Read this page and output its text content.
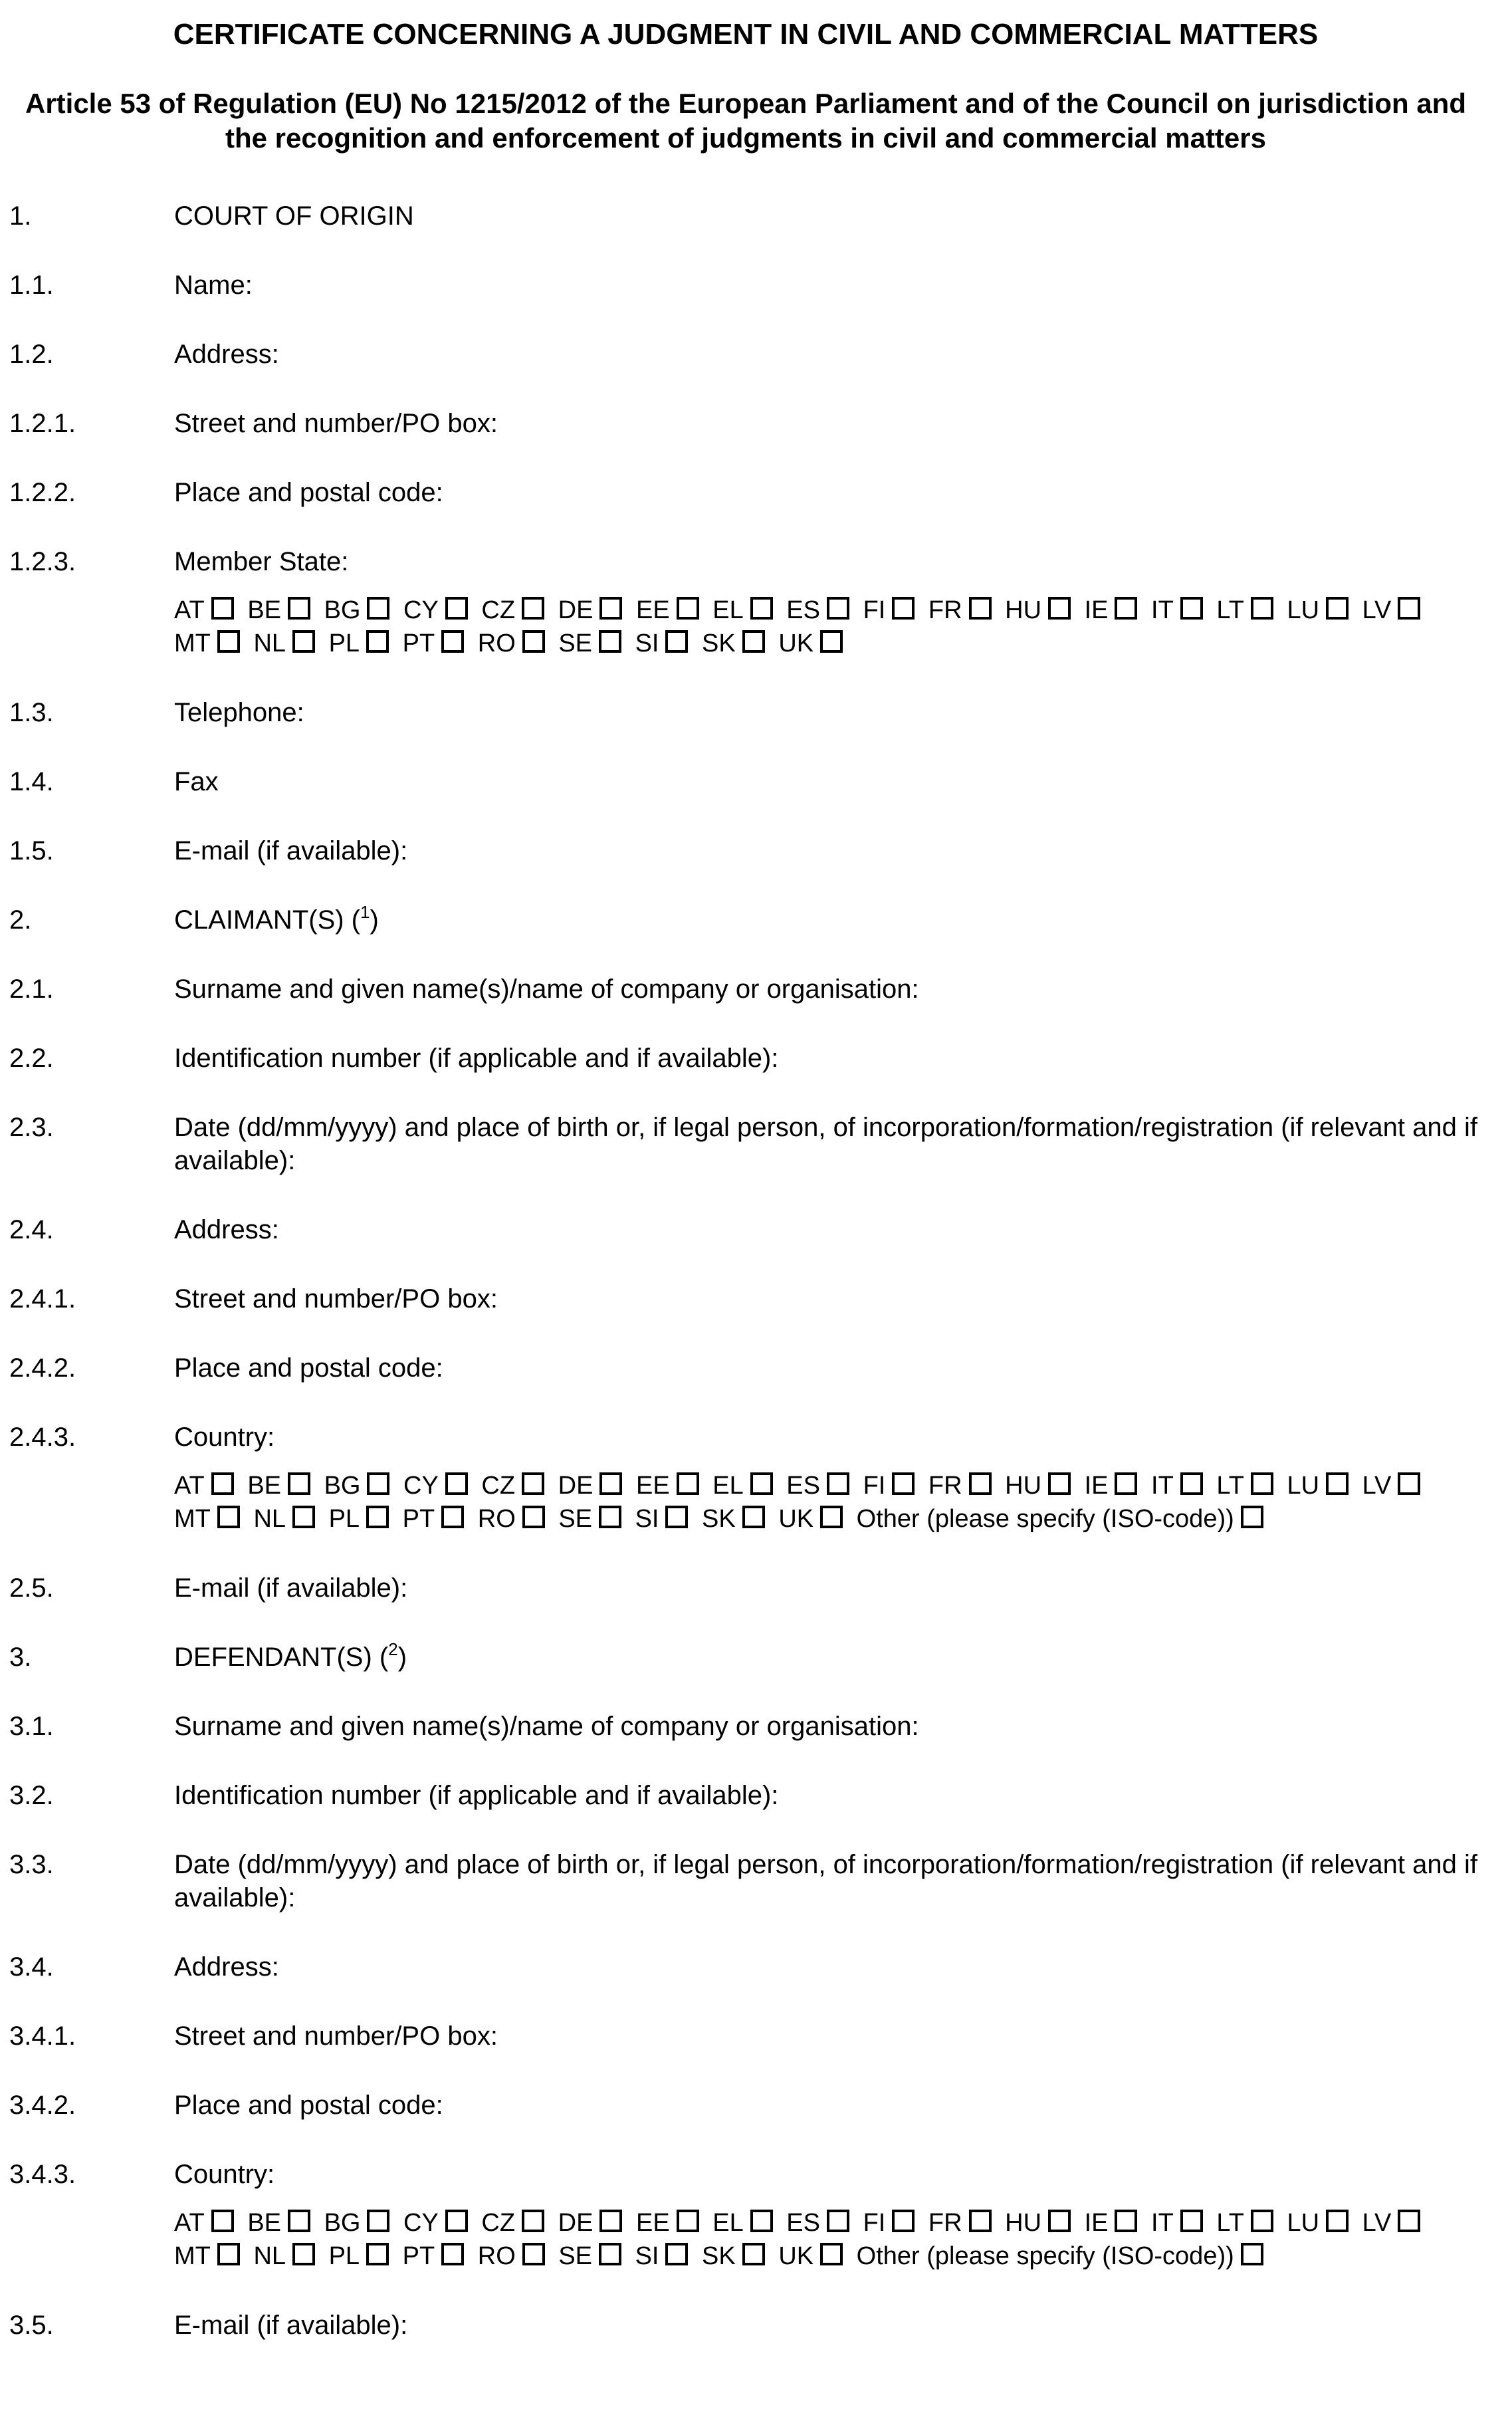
CERTIFICATE CONCERNING A JUDGMENT IN CIVIL AND COMMERCIAL MATTERS
Article 53 of Regulation (EU) No 1215/2012 of the European Parliament and of the Council on jurisdiction and the recognition and enforcement of judgments in civil and commercial matters
1.	COURT OF ORIGIN
1.1.	Name:
1.2.	Address:
1.2.1.	Street and number/PO box:
1.2.2.	Place and postal code:
1.2.3.	Member State:
AT BE BG CY CZ DE EE EL ES FI FR HU IE IT LT LU LV MT NL PL PT RO SE SI SK UK
1.3.	Telephone:
1.4.	Fax
1.5.	E-mail (if available):
2.	CLAIMANT(S) ($^1$)
2.1.	Surname and given name(s)/name of company or organisation:
2.2.	Identification number (if applicable and if available):
2.3.	Date (dd/mm/yyyy) and place of birth or, if legal person, of incorporation/formation/registration (if relevant and if available):
2.4.	Address:
2.4.1.	Street and number/PO box:
2.4.2.	Place and postal code:
2.4.3.	Country:
AT BE BG CY CZ DE EE EL ES FI FR HU IE IT LT LU LV MT NL PL PT RO SE SI SK UK Other (please specify (ISO-code))
2.5.	E-mail (if available):
3.	DEFENDANT(S) ($^2$)
3.1.	Surname and given name(s)/name of company or organisation:
3.2.	Identification number (if applicable and if available):
3.3.	Date (dd/mm/yyyy) and place of birth or, if legal person, of incorporation/formation/registration (if relevant and if available):
3.4.	Address:
3.4.1.	Street and number/PO box:
3.4.2.	Place and postal code:
3.4.3.	Country:
AT BE BG CY CZ DE EE EL ES FI FR HU IE IT LT LU LV MT NL PL PT RO SE SI SK UK Other (please specify (ISO-code))
3.5.	E-mail (if available):
